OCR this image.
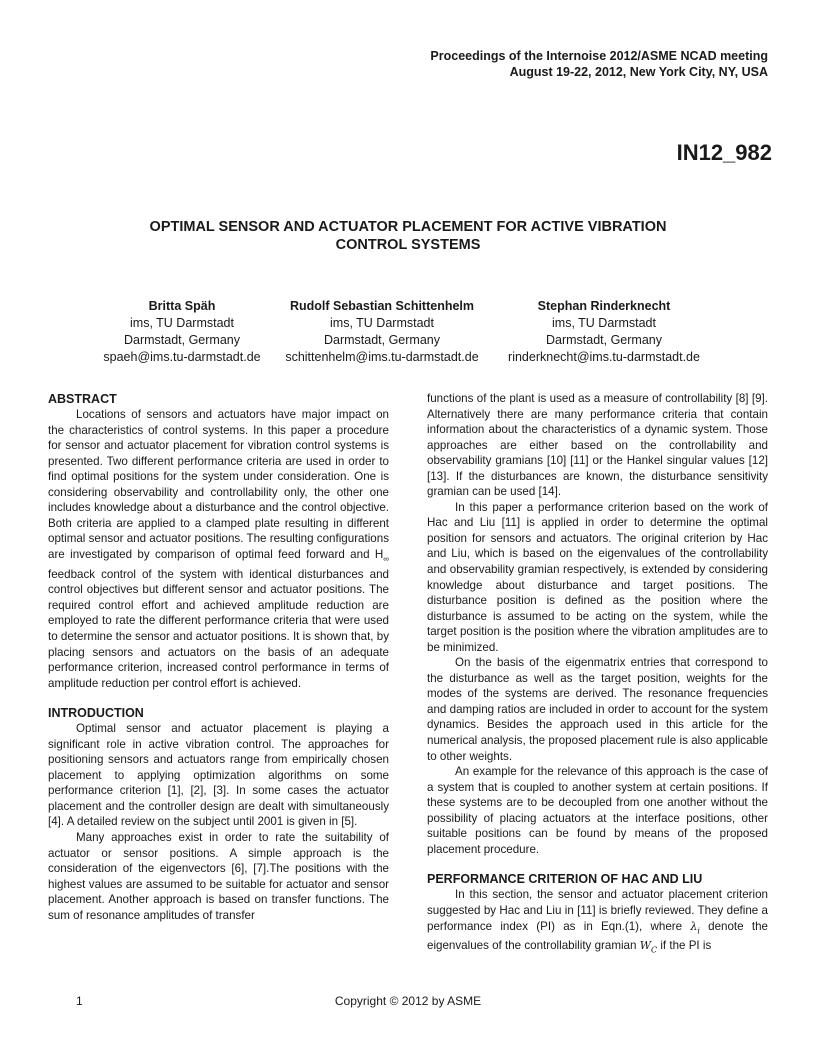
Proceedings of the Internoise 2012/ASME NCAD meeting
August 19-22, 2012, New York City, NY, USA
IN12_982
OPTIMAL SENSOR AND ACTUATOR PLACEMENT FOR ACTIVE VIBRATION
CONTROL SYSTEMS
Britta Späh
ims, TU Darmstadt
Darmstadt, Germany
spaeh@ims.tu-darmstadt.de
Rudolf Sebastian Schittenhelm
ims, TU Darmstadt
Darmstadt, Germany
schittenhelm@ims.tu-darmstadt.de
Stephan Rinderknecht
ims, TU Darmstadt
Darmstadt, Germany
rinderknecht@ims.tu-darmstadt.de
ABSTRACT

Locations of sensors and actuators have major impact on the characteristics of control systems. In this paper a procedure for sensor and actuator placement for vibration control systems is presented. Two different performance criteria are used in order to find optimal positions for the system under consideration. One is considering observability and controllability only, the other one includes knowledge about a disturbance and the control objective. Both criteria are applied to a clamped plate resulting in different optimal sensor and actuator positions. The resulting configurations are investigated by comparison of optimal feed forward and $H_\infty$ feedback control of the system with identical disturbances and control objectives but different sensor and actuator positions. The required control effort and achieved amplitude reduction are employed to rate the different performance criteria that were used to determine the sensor and actuator positions. It is shown that, by placing sensors and actuators on the basis of an adequate performance criterion, increased control performance in terms of amplitude reduction per control effort is achieved.

INTRODUCTION

Optimal sensor and actuator placement is playing a significant role in active vibration control. The approaches for positioning sensors and actuators range from empirically chosen placement to applying optimization algorithms on some performance criterion [1], [2], [3]. In some cases the actuator placement and the controller design are dealt with simultaneously [4]. A detailed review on the subject until 2001 is given in [5].

Many approaches exist in order to rate the suitability of actuator or sensor positions. A simple approach is the consideration of the eigenvectors [6], [7].The positions with the highest values are assumed to be suitable for actuator and sensor placement. Another approach is based on transfer functions. The sum of resonance amplitudes of transfer

functions of the plant is used as a measure of controllability [8] [9]. Alternatively there are many performance criteria that contain information about the characteristics of a dynamic system. Those approaches are either based on the controllability and observability gramians [10] [11] or the Hankel singular values [12] [13]. If the disturbances are known, the disturbance sensitivity gramian can be used [14].

In this paper a performance criterion based on the work of Hac and Liu [11] is applied in order to determine the optimal position for sensors and actuators. The original criterion by Hac and Liu, which is based on the eigenvalues of the controllability and observability gramian respectively, is extended by considering knowledge about disturbance and target positions. The disturbance position is defined as the position where the disturbance is assumed to be acting on the system, while the target position is the position where the vibration amplitudes are to be minimized.

On the basis of the eigenmatrix entries that correspond to the disturbance as well as the target position, weights for the modes of the systems are derived. The resonance frequencies and damping ratios are included in order to account for the system dynamics. Besides the approach used in this article for the numerical analysis, the proposed placement rule is also applicable to other weights.

An example for the relevance of this approach is the case of a system that is coupled to another system at certain positions. If these systems are to be decoupled from one another without the possibility of placing actuators at the interface positions, other suitable positions can be found by means of the proposed placement procedure.

PERFORMANCE CRITERION OF HAC AND LIU

In this section, the sensor and actuator placement criterion suggested by Hac and Liu in [11] is briefly reviewed. They define a performance index (PI) as in Eqn.(1), where $\lambda_i$ denote the eigenvalues of the controllability gramian $W_C$ if the PI is

1	Copyright © 2012 by ASME
